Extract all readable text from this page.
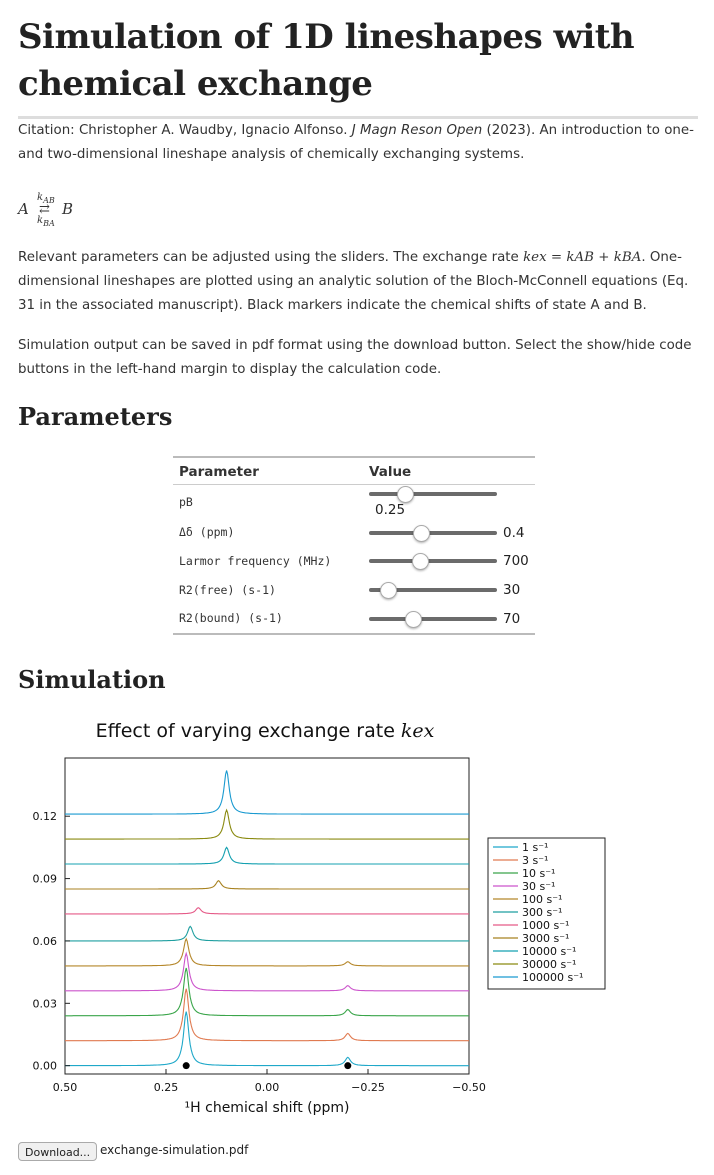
Simulation of 1D lineshapes with
chemical exchange

Citation: Christopher A. Waudby, Ignacio Alfonso. J Magn Reson Open (2023). An introduction to one-
and two-dimensional lineshape analysis of chemically exchanging systems.

A
$k_{AB}$
⇄
$k_{BA}$
B

Relevant parameters can be adjusted using the sliders. The exchange rate kex = kAB + kBA. One-
dimensional lineshapes are plotted using an analytic solution of the Bloch-McConnell equations (Eq.
31 in the associated manuscript). Black markers indicate the chemical shifts of state A and B.

Simulation output can be saved in pdf format using the download button. Select the show/hide code
buttons in the left-hand margin to display the calculation code.

Parameters
Parameter	Value
pB	0.25
Δδ (ppm)	0.4
Larmor frequency (MHz)	700
R2(free) (s-1)	30
R2(bound) (s-1)	70
Simulation
Effect of varying exchange rate kex
0.50	0.25	0.00	−0.25	−0.50
0.00
0.03
0.06
0.09
0.12
1 s⁻¹
3 s⁻¹
10 s⁻¹
30 s⁻¹
100 s⁻¹
300 s⁻¹
1000 s⁻¹
3000 s⁻¹
10000 s⁻¹
30000 s⁻¹
100000 s⁻¹
¹H chemical shift (ppm)
Download... exchange-simulation.pdf
